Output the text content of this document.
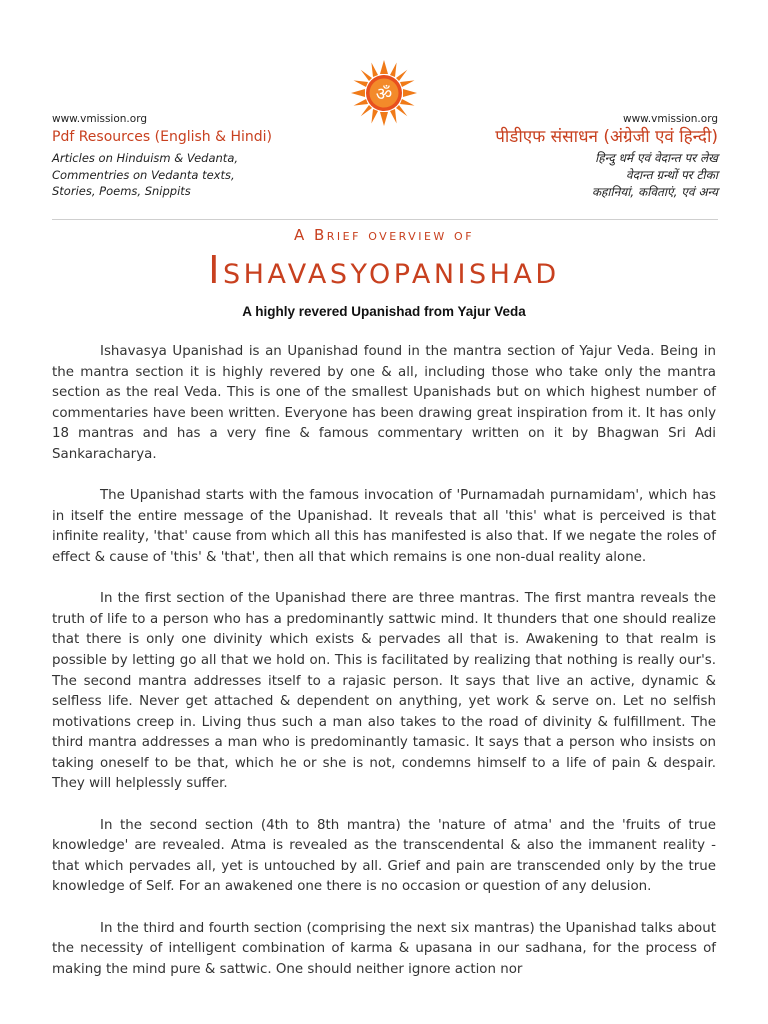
ॐ
www.vmission.org
Pdf Resources (English & Hindi)
Articles on Hinduism & Vedanta,
Commentries on Vedanta texts,
Stories, Poems, Snippits
www.vmission.org
पीडीएफ संसाधन (अंग्रेजी एवं हिन्दी)
हिन्दु धर्म एवं वेदान्त पर लेख
वेदान्त ग्रन्थों पर टीका
कहानियां, कविताएं, एवं अन्य
A Brief overview of
Ishavasyopanishad
A highly revered Upanishad from Yajur Veda

Ishavasya Upanishad is an Upanishad found in the mantra section of Yajur Veda. Being in the mantra section it is highly revered by one & all, including those who take only the mantra section as the real Veda. This is one of the smallest Upanishads but on which highest number of commentaries have been written. Everyone has been drawing great inspiration from it. It has only 18 mantras and has a very fine & famous commentary written on it by Bhagwan Sri Adi Sankaracharya.

The Upanishad starts with the famous invocation of 'Purnamadah purnamidam', which has in itself the entire message of the Upanishad. It reveals that all 'this' what is perceived is that infinite reality, 'that' cause from which all this has manifested is also that. If we negate the roles of effect & cause of 'this' & 'that', then all that which remains is one non-dual reality alone.

In the first section of the Upanishad there are three mantras. The first mantra reveals the truth of life to a person who has a predominantly sattwic mind. It thunders that one should realize that there is only one divinity which exists & pervades all that is. Awakening to that realm is possible by letting go all that we hold on. This is facilitated by realizing that nothing is really our's. The second mantra addresses itself to a rajasic person. It says that live an active, dynamic & selfless life. Never get attached & dependent on anything, yet work & serve on. Let no selfish motivations creep in. Living thus such a man also takes to the road of divinity & fulfillment. The third mantra addresses a man who is predominantly tamasic. It says that a person who insists on taking oneself to be that, which he or she is not, condemns himself to a life of pain & despair. They will helplessly suffer.

In the second section (4th to 8th mantra) the 'nature of atma' and the 'fruits of true knowledge' are revealed. Atma is revealed as the transcendental & also the immanent reality - that which pervades all, yet is untouched by all. Grief and pain are transcended only by the true knowledge of Self. For an awakened one there is no occasion or question of any delusion.

In the third and fourth section (comprising the next six mantras) the Upanishad talks about the necessity of intelligent combination of karma & upasana in our sadhana, for the process of making the mind pure & sattwic. One should neither ignore action nor
